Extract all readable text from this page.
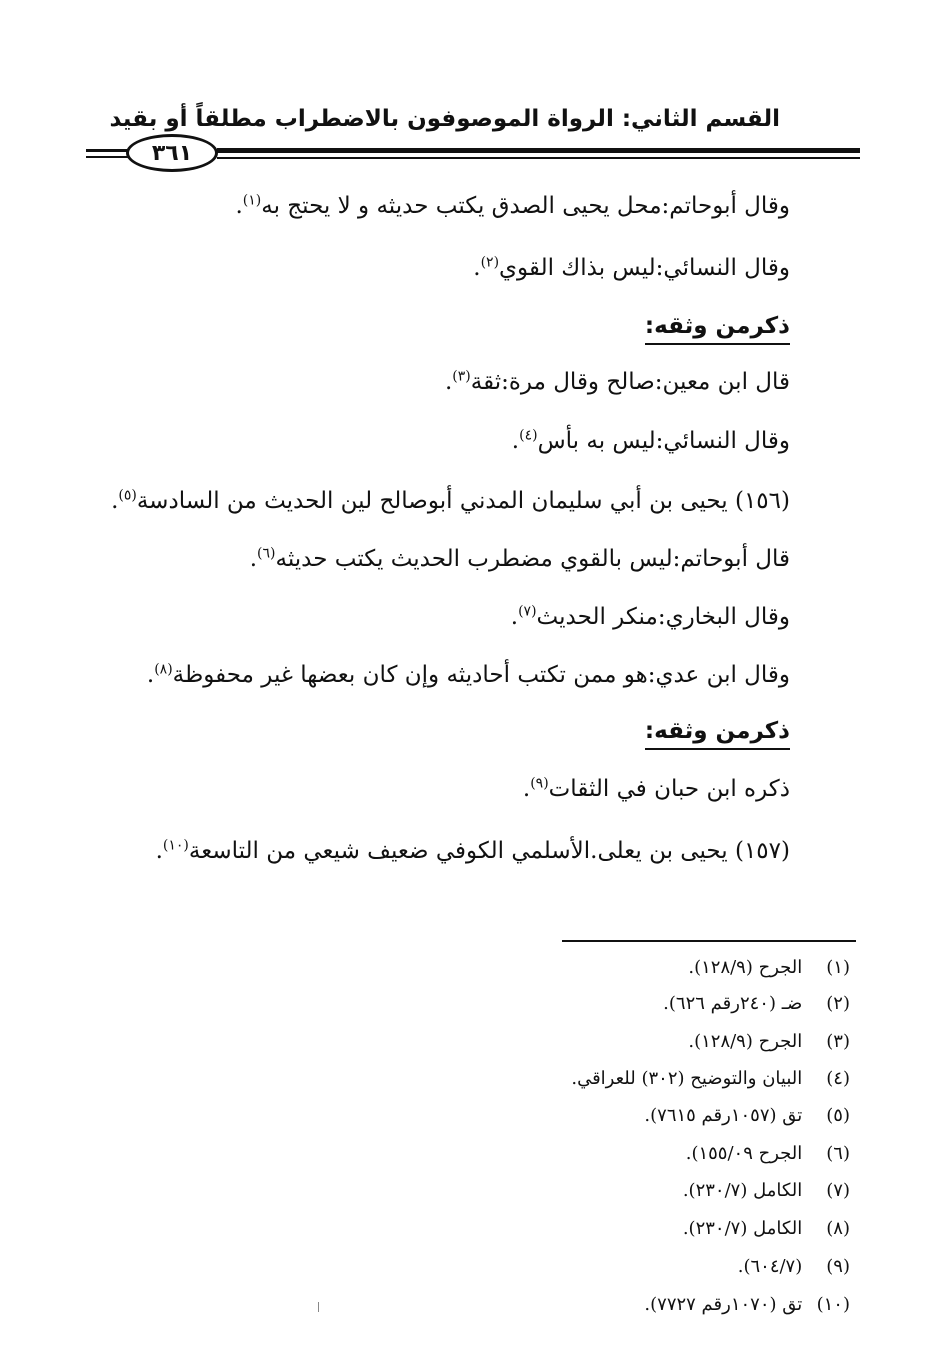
القسم الثاني: الرواة الموصوفون بالاضطراب مطلقاً أو بقيد
٣٦١
وقال أبوحاتم:محل يحيى الصدق يكتب حديثه و لا يحتج به$^{(١)}$.
وقال النسائي:ليس بذاك القوي$^{(٢)}$.
ذكرمن وثقه:
قال ابن معين:صالح وقال مرة:ثقة$^{(٣)}$.
وقال النسائي:ليس به بأس$^{(٤)}$.
(١٥٦) يحيى بن أبي سليمان المدني أبوصالح لين الحديث من السادسة$^{(٥)}$.
قال أبوحاتم:ليس بالقوي مضطرب الحديث يكتب حديثه$^{(٦)}$.
وقال البخاري:منكر الحديث$^{(٧)}$.
وقال ابن عدي:هو ممن تكتب أحاديثه وإن كان بعضها غير محفوظة$^{(٨)}$.
ذكرمن وثقه:
ذكره ابن حبان في الثقات$^{(٩)}$.
(١٥٧) يحيى بن يعلى.الأسلمي الكوفي ضعيف شيعي من التاسعة$^{(١٠)}$.
(١) الجرح (١٢٨/٩).
(٢) ضـ (٢٤٠رقم ٦٢٦).
(٣) الجرح (١٢٨/٩).
(٤) البيان والتوضيح (٣٠٢) للعراقي.
(٥) تق (١٠٥٧رقم ٧٦١٥).
(٦) الجرح ١٥٥/٠٩).
(٧) الكامل (٢٣٠/٧).
(٨) الكامل (٢٣٠/٧).
(٩) (٦٠٤/٧).
(١٠) تق (١٠٧٠رقم ٧٧٢٧).
